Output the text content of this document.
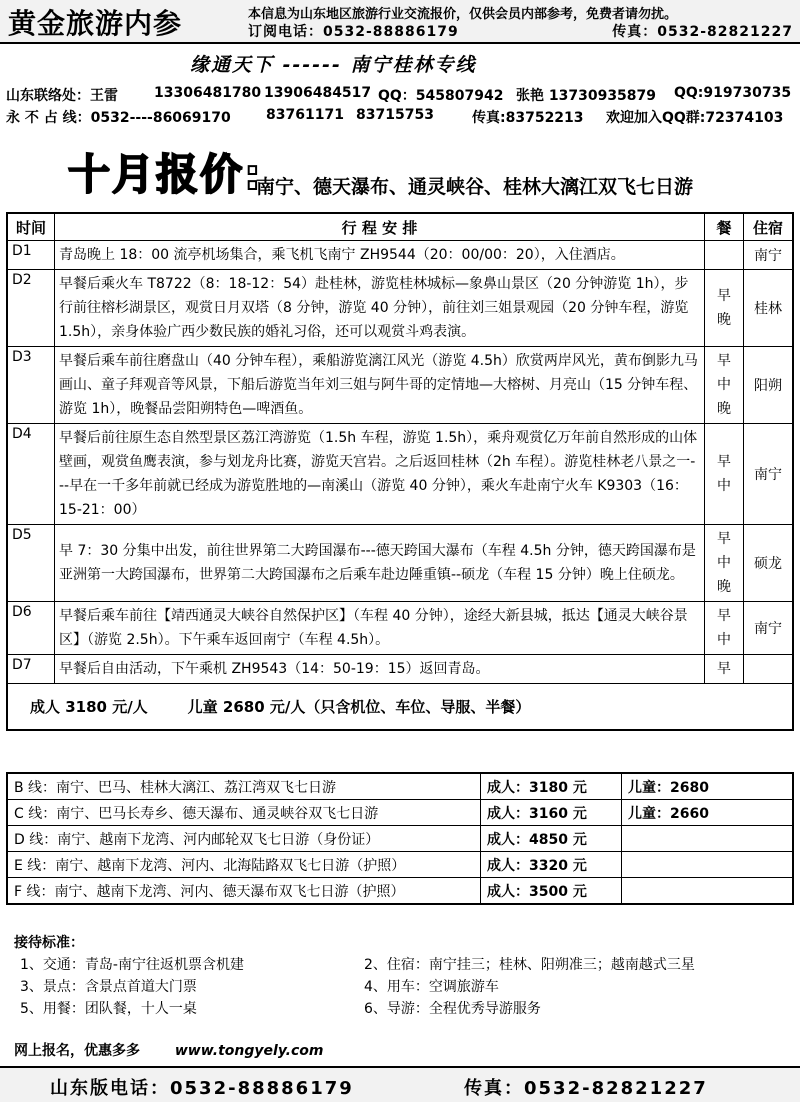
黄金旅游内参	本信息为山东地区旅游行业交流报价，仅供会员内部参考，免费者请勿扰。
订阅电话：0532-88886179	传真：0532-82821227
缘通天下 ------ 南宁桂林专线
山东联络处：王雷	13306481780 13906484517 QQ：545807942 张艳 13730935879 QQ:919730735
永 不 占 线：0532----86069170	83761171 83715753	传真:83752213 欢迎加入QQ群:72374103
十月报价:
南宁、德天瀑布、通灵峡谷、桂林大漓江双飞七日游
时间	行 程 安 排	餐	住宿
D1	青岛晚上 18：00 流亭机场集合，乘飞机飞南宁 ZH9544（20：00/00：20），入住酒店。		南宁
D2	早餐后乘火车 T8722（8：18-12：54）赴桂林，游览桂林城标—象鼻山景区（20 分钟游览 1h），步行前往榕杉湖景区，观赏日月双塔（8 分钟，游览 40 分钟），前往刘三姐景观园（20 分钟车程，游览 1.5h），亲身体验广西少数民族的婚礼习俗，还可以观赏斗鸡表演。	早
晚	桂林
D3	早餐后乘车前往磨盘山（40 分钟车程），乘船游览漓江风光（游览 4.5h）欣赏两岸风光，黄布倒影九马画山、童子拜观音等风景，下船后游览当年刘三姐与阿牛哥的定情地—大榕树、月亮山（15 分钟车程、游览 1h），晚餐品尝阳朔特色—啤酒鱼。	早
中
晚	阳朔
D4	早餐后前往原生态自然型景区荔江湾游览（1.5h 车程，游览 1.5h），乘舟观赏亿万年前自然形成的山体壁画，观赏鱼鹰表演，参与划龙舟比赛，游览天宫岩。之后返回桂林（2h 车程）。游览桂林老八景之一---早在一千多年前就已经成为游览胜地的—南溪山（游览 40 分钟），乘火车赴南宁火车 K9303（16：15-21：00）	早
中	南宁
D5	早 7：30 分集中出发，前往世界第二大跨国瀑布---德天跨国大瀑布（车程 4.5h 分钟，德天跨国瀑布是亚洲第一大跨国瀑布，世界第二大跨国瀑布之后乘车赴边陲重镇--硕龙（车程 15 分钟）晚上住硕龙。	早
中
晚	硕龙
D6	早餐后乘车前往【靖西通灵大峡谷自然保护区】（车程 40 分钟），途经大新县城，抵达【通灵大峡谷景区】（游览 2.5h）。下午乘车返回南宁（车程 4.5h）。	早
中	南宁
D7	早餐后自由活动，下午乘机 ZH9543（14：50-19：15）返回青岛。	早	
成人 3180 元/人 儿童 2680 元/人（只含机位、车位、导服、半餐）			
B 线：南宁、巴马、桂林大漓江、荔江湾双飞七日游	成人：3180 元	儿童：2680
C 线：南宁、巴马长寿乡、德天瀑布、通灵峡谷双飞七日游	成人：3160 元	儿童：2660
D 线：南宁、越南下龙湾、河内邮轮双飞七日游（身份证）	成人：4850 元	
E 线：南宁、越南下龙湾、河内、北海陆路双飞七日游（护照）	成人：3320 元	
F 线：南宁、越南下龙湾、河内、德天瀑布双飞七日游（护照）	成人：3500 元	
接待标准：
1、交通：青岛-南宁往返机票含机建	2、住宿：南宁挂三；桂林、阳朔准三；越南越式三星
3、景点：含景点首道大门票	4、用车：空调旅游车
5、用餐：团队餐，十人一桌	6、导游：全程优秀导游服务
网上报名，优惠多多 www.tongyely.com
山东版电话：0532-88886179	传真：0532-82821227
